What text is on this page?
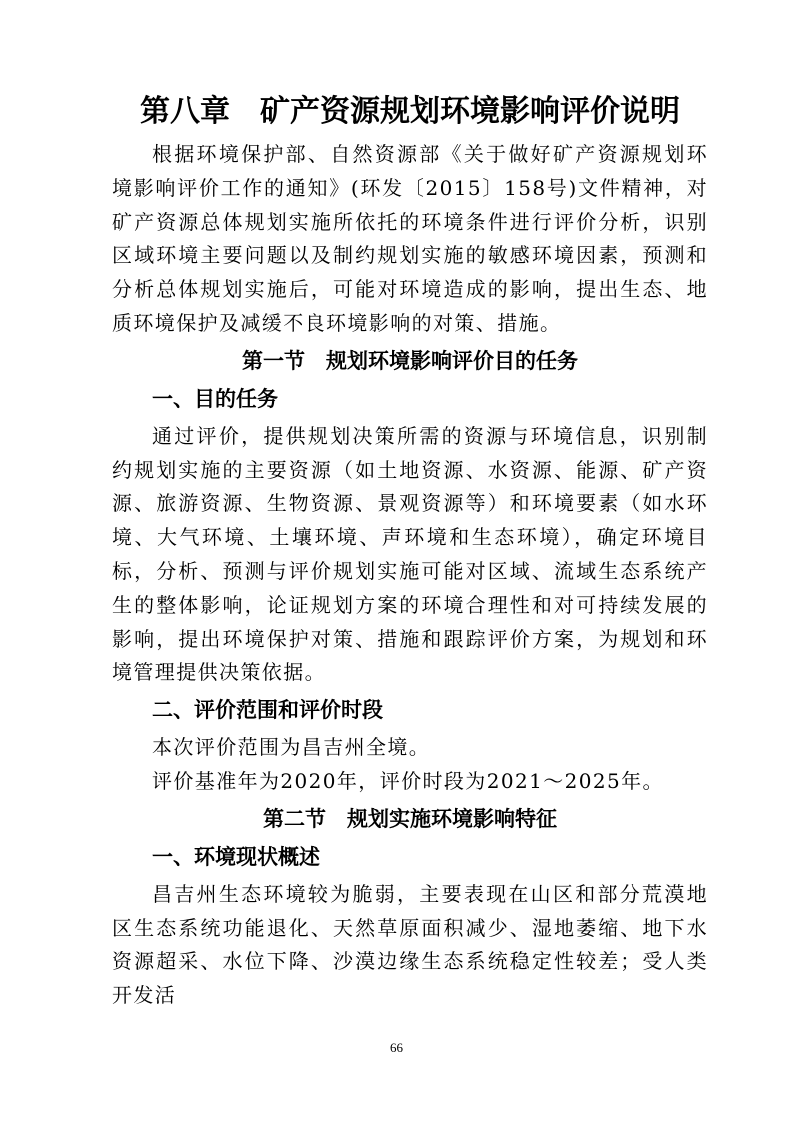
第八章　矿产资源规划环境影响评价说明

根据环境保护部、自然资源部《关于做好矿产资源规划环境影响评价工作的通知》(环发〔2015〕158号)文件精神，对矿产资源总体规划实施所依托的环境条件进行评价分析，识别区域环境主要问题以及制约规划实施的敏感环境因素，预测和分析总体规划实施后，可能对环境造成的影响，提出生态、地质环境保护及减缓不良环境影响的对策、措施。

第一节　规划环境影响评价目的任务
一、目的任务

通过评价，提供规划决策所需的资源与环境信息，识别制约规划实施的主要资源（如土地资源、水资源、能源、矿产资源、旅游资源、生物资源、景观资源等）和环境要素（如水环境、大气环境、土壤环境、声环境和生态环境），确定环境目标，分析、预测与评价规划实施可能对区域、流域生态系统产生的整体影响，论证规划方案的环境合理性和对可持续发展的影响，提出环境保护对策、措施和跟踪评价方案，为规划和环境管理提供决策依据。

二、评价范围和评价时段

本次评价范围为昌吉州全境。

评价基准年为2020年，评价时段为2021～2025年。

第二节　规划实施环境影响特征
一、环境现状概述

昌吉州生态环境较为脆弱，主要表现在山区和部分荒漠地区生态系统功能退化、天然草原面积减少、湿地萎缩、地下水资源超采、水位下降、沙漠边缘生态系统稳定性较差；受人类开发活

66
